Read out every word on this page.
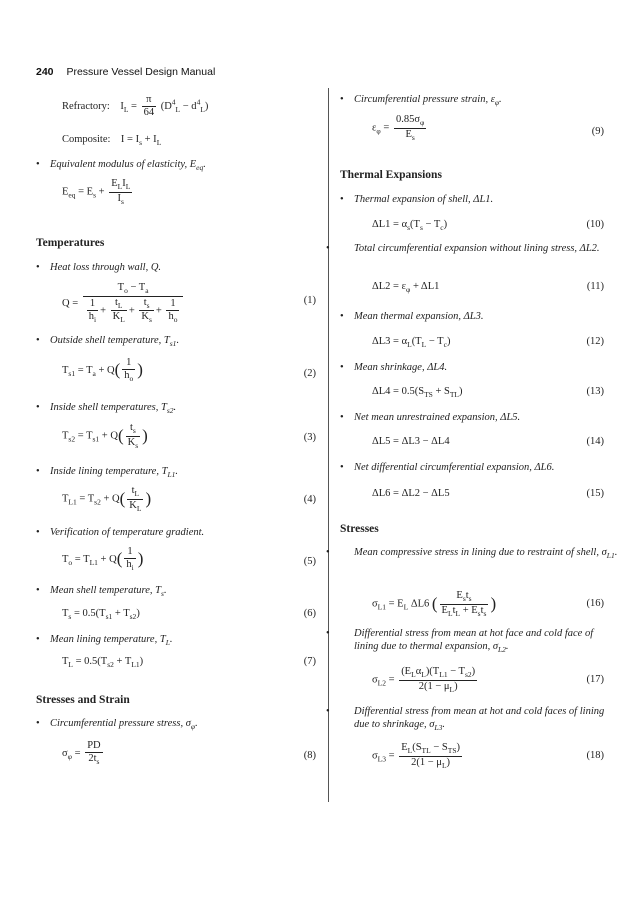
240 Pressure Vessel Design Manual
Refractory: $I_L = \frac{\pi}{64} (D^4_L - d^4_L)$
Composite: $I = I_s + I_L$
• Equivalent modulus of elasticity, $E_{eq}$.
$E_{eq} = E_s + \frac{E_LI_L}{I_s}$
Temperatures
• Heat loss through wall, Q.
$Q = \frac{T_o - T_a}{\frac{1}{h_i} + \frac{t_L}{K_L} + \frac{t_s}{K_s} + \frac{1}{h_o}}$	(1)
• Outside shell temperature, $T_{s1}$.
$T_{s1} = T_a + Q( \frac{1}{h_o}$ )	(2)
• Inside shell temperatures, $T_{s2}$.
$T_{s2} = T_{s1} + Q( \frac{t_s}{K_s}$ )	(3)
• Inside lining temperature, $T_{L1}$.
$T_{L1} = T_{s2} + Q( \frac{t_L}{K_L}$ )	(4)
• Verification of temperature gradient.
$T_o = T_{L1} + Q( \frac{1}{h_i}$ )	(5)
• Mean shell temperature, $T_s$.
$T_s = 0.5(T_{s1} + T_{s2})$	(6)
• Mean lining temperature, $T_L$.
$T_L = 0.5(T_{s2} + T_{L1})$	(7)
Stresses and Strain
• Circumferential pressure stress, $\sigma_\varphi$.
$\sigma_\varphi = \frac{PD}{2t_s}$	(8)
• Circumferential pressure strain, $\varepsilon_\varphi$.
$\varepsilon_\varphi = \frac{0.85\sigma_\varphi}{E_s}$	(9)
Thermal Expansions
• Thermal expansion of shell, ΔL1.
$\Delta L1 = \alpha_s(T_s - T_c)$	(10)
• Total circumferential expansion without lining stress, ΔL2.
$\Delta L2 = \varepsilon_\varphi + \Delta L1$	(11)
• Mean thermal expansion, ΔL3.
$\Delta L3 = \alpha_L(T_L - T_c)$	(12)
• Mean shrinkage, ΔL4.
$\Delta L4 = 0.5(S_{TS} + S_{TL})$	(13)
• Net mean unrestrained expansion, ΔL5.
ΔL5 = ΔL3 − ΔL4	(14)
• Net differential circumferential expansion, ΔL6.
ΔL6 = ΔL2 − ΔL5	(15)
Stresses
• Mean compressive stress in lining due to restraint of shell, $\sigma_{L1}$.
$\sigma_{L1} = E_L$ ΔL6 ( $\frac{E_st_s}{E_Lt_L + E_st_s}$ )	(16)
• Differential stress from mean at hot face and cold face of lining due to thermal expansion, $\sigma_{L2}$.
$\sigma_{L2} = \frac{(E_L\alpha_L)(T_{L1} - T_{s2})}{2(1 - \mu_L)}$	(17)
• Differential stress from mean at hot and cold faces of lining due to shrinkage, $\sigma_{L3}$.
$\sigma_{L3} = \frac{E_L(S_{TL} - S_{TS})}{2(1 - \mu_L)}$	(18)
